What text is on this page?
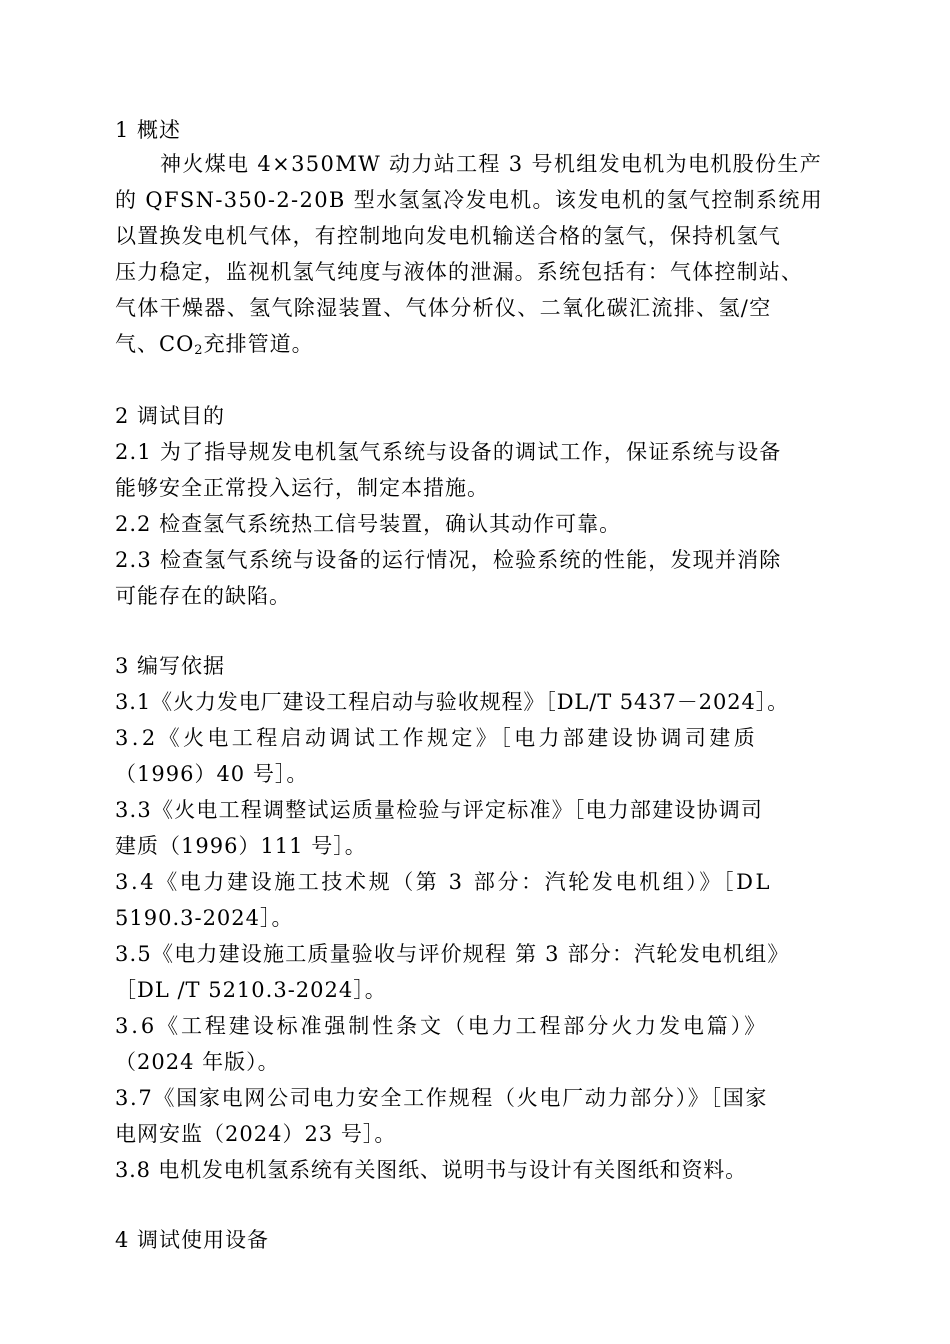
1 概述
神火煤电 4×350MW 动力站工程 3 号机组发电机为电机股份生产
的 QFSN-350-2-20B 型水氢氢冷发电机。该发电机的氢气控制系统用
以置换发电机气体，有控制地向发电机输送合格的氢气，保持机氢气
压力稳定，监视机氢气纯度与液体的泄漏。系统包括有：气体控制站、
气体干燥器、氢气除湿装置、气体分析仪、二氧化碳汇流排、氢/空
气、$CO_2$充排管道。
2 调试目的
2.1 为了指导规发电机氢气系统与设备的调试工作，保证系统与设备
能够安全正常投入运行，制定本措施。
2.2 检查氢气系统热工信号装置，确认其动作可靠。
2.3 检查氢气系统与设备的运行情况，检验系统的性能，发现并消除
可能存在的缺陷。
3 编写依据
3.1《火力发电厂建设工程启动与验收规程》［DL/T 5437－2024］。
3.2《火电工程启动调试工作规定》［电力部建设协调司建质
（1996）40 号］。
3.3《火电工程调整试运质量检验与评定标准》［电力部建设协调司
建质（1996）111 号］。
3.4《电力建设施工技术规（第 3 部分：汽轮发电机组）》［DL
5190.3-2024］。
3.5《电力建设施工质量验收与评价规程 第 3 部分：汽轮发电机组》
［DL /T 5210.3-2024］。
3.6《工程建设标准强制性条文（电力工程部分火力发电篇）》
（2024 年版）。
3.7《国家电网公司电力安全工作规程（火电厂动力部分）》［国家
电网安监（2024）23 号］。
3.8 电机发电机氢系统有关图纸、说明书与设计有关图纸和资料。
4 调试使用设备
